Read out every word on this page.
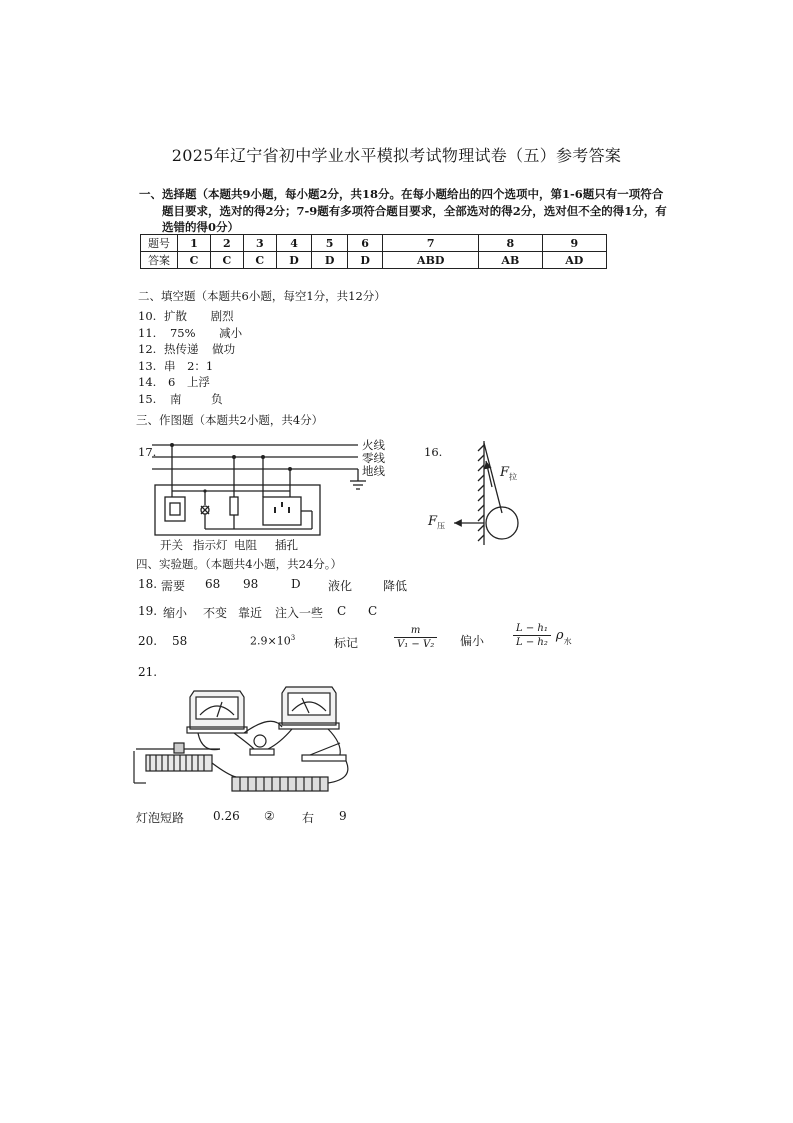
2025年辽宁省初中学业水平模拟考试物理试卷（五）参考答案
一、选择题（本题共9小题，每小题2分，共18分。在每小题给出的四个选项中，第1-6题只有一项符合
题目要求，选对的得2分；7-9题有多项符合题目要求，全部选对的得2分，选对但不全的得1分，有
选错的得0分）
题号	1	2	3	4	5	6	7	8	9
答案	C	C	C	D	D	D	ABD	AB	AD
二、填空题（本题共6小题，每空1分，共12分）
10. 扩散 剧烈
11. 75% 减小
12. 热传递 做功
13. 串 2：1
14. 6 上浮
15. 南	负
三、作图题（本题共2小题，共4分）
17.	火线
零线
地线
开关 指示灯 电阻 插孔
16.
$F_拉$
$F_压$
四、实验题。（本题共4小题，共24分。）
18. 需要 68 98	D 液化	降低
19. 缩小 不变 靠近 注入一些 C C
20. 58	$2.9\times 10^3$	标记	$\frac{m}{\text{V₁ − V₂}}$ 偏小	$\frac{\text{L − h₁}}{\text{L − h₂}} \rho_水$
21.
灯泡短路 0.26 ② 右 9
